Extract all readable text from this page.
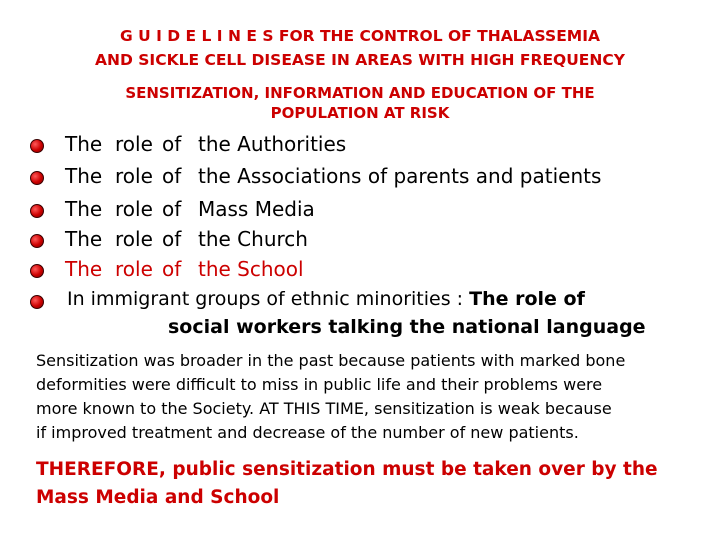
G U I D E L I N E S FOR THE CONTROL OF THALASSEMIA
AND SICKLE CELL DISEASE IN AREAS WITH HIGH FREQUENCY
SENSITIZATION, INFORMATION AND EDUCATION OF THE
POPULATION AT RISK
The role of the Authorities
The role of the Associations of parents and patients
The role of Mass Media
The role of the Church
The role of the School
In immigrant groups of ethnic minorities : The role of
social workers talking the national language
Sensitization was broader in the past because patients with marked bone
deformities were difficult to miss in public life and their problems were
more known to the Society. AT THIS TIME, sensitization is weak because
if improved treatment and decrease of the number of new patients.
THEREFORE, public sensitization must be taken over by the
Mass Media and School
